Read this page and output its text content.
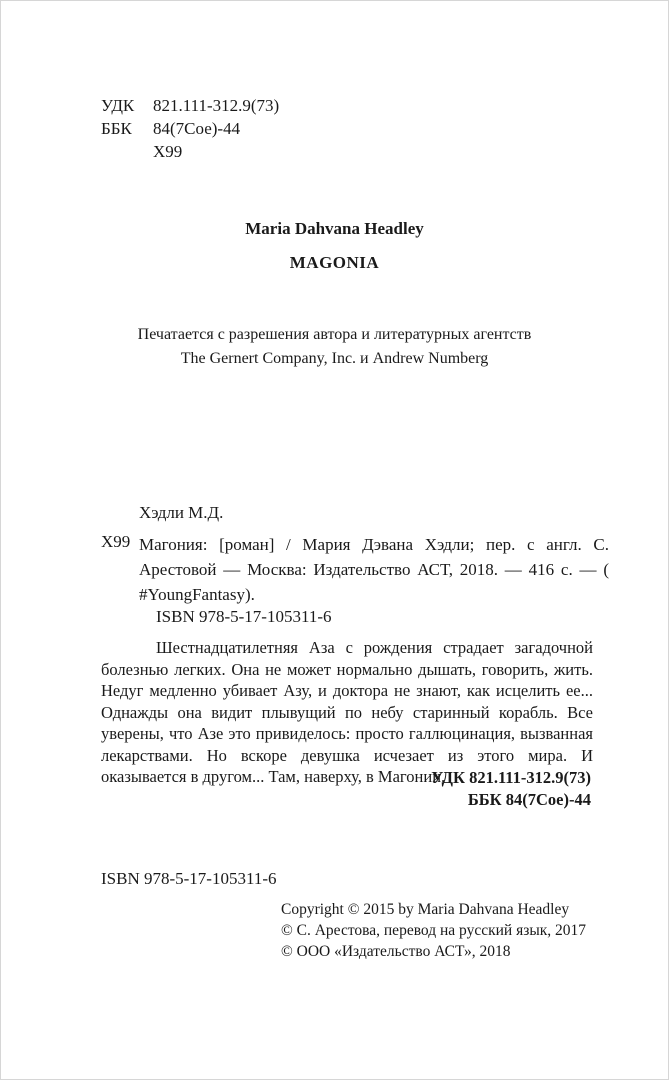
УДК 821.111-312.9(73)
ББК 84(7Сое)-44
Х99
Maria Dahvana Headley
MAGONIA
Печатается с разрешения автора и литературных агентств
The Gernert Company, Inc. и Andrew Numberg
Хэдли М.Д.
Х99 Магония: [роман] / Мария Дэвана Хэдли; пер. с англ. С. Арестовой — Москва: Издательство АСТ, 2018. — 416 с. — ( #YoungFantasy).
ISBN 978-5-17-105311-6
Шестнадцатилетняя Аза с рождения страдает загадочной болезнью легких. Она не может нормально дышать, говорить, жить. Недуг медленно убивает Азу, и доктора не знают, как исцелить ее... Однажды она видит плывущий по небу старинный корабль. Все уверены, что Азе это привиделось: просто галлюцинация, вызванная лекарствами. Но вскоре девушка исчезает из этого мира. И оказывается в другом... Там, наверху, в Магонии.
УДК 821.111-312.9(73)
ББК 84(7Сое)-44
ISBN 978-5-17-105311-6
Copyright © 2015 by Maria Dahvana Headley
© С. Арестова, перевод на русский язык, 2017
© ООО «Издательство АСТ», 2018
